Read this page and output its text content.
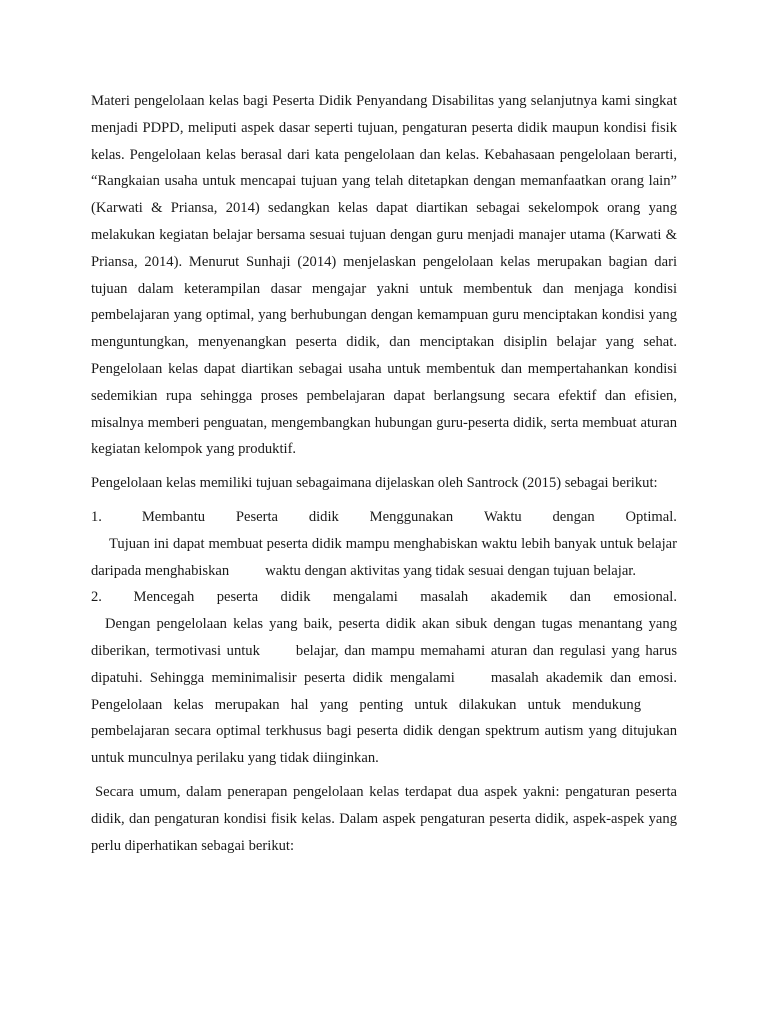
Materi pengelolaan kelas bagi Peserta Didik Penyandang Disabilitas yang selanjutnya kami singkat menjadi PDPD, meliputi aspek dasar seperti tujuan, pengaturan peserta didik maupun kondisi fisik kelas. Pengelolaan kelas berasal dari kata pengelolaan dan kelas. Kebahasaan pengelolaan berarti, “Rangkaian usaha untuk mencapai tujuan yang telah ditetapkan dengan memanfaatkan orang lain” (Karwati & Priansa, 2014) sedangkan kelas dapat diartikan sebagai sekelompok orang yang melakukan kegiatan belajar bersama sesuai tujuan dengan guru menjadi manajer utama (Karwati & Priansa, 2014). Menurut Sunhaji (2014) menjelaskan pengelolaan kelas merupakan bagian dari tujuan dalam keterampilan dasar mengajar yakni untuk membentuk dan menjaga kondisi pembelajaran yang optimal, yang berhubungan dengan kemampuan guru menciptakan kondisi yang menguntungkan, menyenangkan peserta didik, dan menciptakan disiplin belajar yang sehat. Pengelolaan kelas dapat diartikan sebagai usaha untuk membentuk dan mempertahankan kondisi sedemikian rupa sehingga proses pembelajaran dapat berlangsung secara efektif dan efisien, misalnya memberi penguatan, mengembangkan hubungan guru-peserta didik, serta membuat aturan kegiatan kelompok yang produktif.

Pengelolaan kelas memiliki tujuan sebagaimana dijelaskan oleh Santrock (2015) sebagai berikut:

1.	Membantu Peserta didik Menggunakan Waktu dengan Optimal.
Tujuan ini dapat membuat peserta didik mampu menghabiskan waktu lebih banyak untuk belajar daripada menghabiskan waktu dengan aktivitas yang tidak sesuai dengan tujuan belajar.
2.	Mencegah peserta didik mengalami masalah akademik dan emosional.
Dengan pengelolaan kelas yang baik, peserta didik akan sibuk dengan tugas menantang yang diberikan, termotivasi untuk belajar, dan mampu memahami aturan dan regulasi yang harus dipatuhi. Sehingga meminimalisir peserta didik mengalami masalah akademik dan emosi. Pengelolaan kelas merupakan hal yang penting untuk dilakukan untuk mendukungpembelajaran secara optimal terkhusus bagi peserta didik dengan spektrum autism yang ditujukan untuk munculnya perilaku yang tidak diinginkan.

Secara umum, dalam penerapan pengelolaan kelas terdapat dua aspek yakni: pengaturan peserta didik, dan pengaturan kondisi fisik kelas. Dalam aspek pengaturan peserta didik, aspek-aspek yang perlu diperhatikan sebagai berikut:
